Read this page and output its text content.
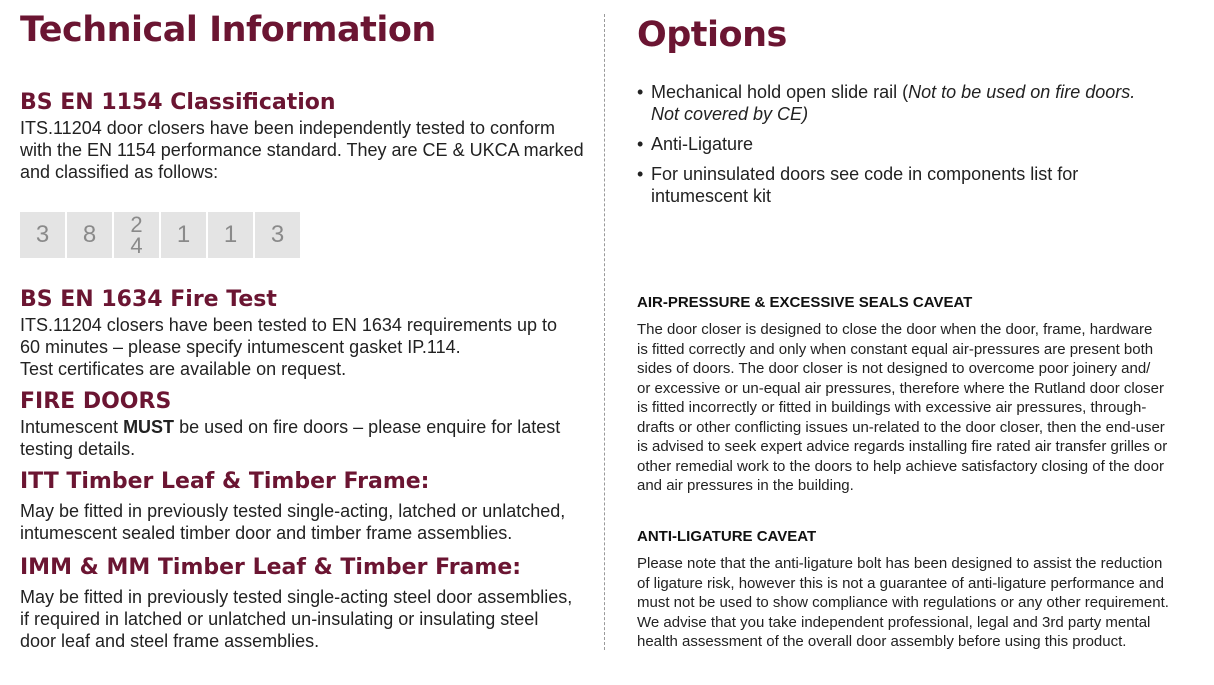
Technical Information
BS EN 1154 Classification

ITS.11204 door closers have been independently tested to conform

with the EN 1154 performance standard. They are CE & UKCA marked

and classified as follows:

3 8 2
4 1 1 3
BS EN 1634 Fire Test

ITS.11204 closers have been tested to EN 1634 requirements up to

60 minutes – please specify intumescent gasket IP.114.

Test certificates are available on request.

FIRE DOORS

Intumescent MUST be used on fire doors – please enquire for latest

testing details.

ITT Timber Leaf & Timber Frame:

May be fitted in previously tested single-acting, latched or unlatched,

intumescent sealed timber door and timber frame assemblies.

IMM & MM Timber Leaf & Timber Frame:

May be fitted in previously tested single-acting steel door assemblies,

if required in latched or unlatched un-insulating or insulating steel

door leaf and steel frame assemblies.

Options
• Mechanical hold open slide rail (Not to be used on fire doors.
Not covered by CE)
• Anti-Ligature
• For uninsulated doors see code in components list for
intumescent kit

AIR-PRESSURE & EXCESSIVE SEALS CAVEAT

The door closer is designed to close the door when the door, frame, hardware

is fitted correctly and only when constant equal air-pressures are present both

sides of doors. The door closer is not designed to overcome poor joinery and/

or excessive or un-equal air pressures, therefore where the Rutland door closer

is fitted incorrectly or fitted in buildings with excessive air pressures, through-

drafts or other conflicting issues un-related to the door closer, then the end-user

is advised to seek expert advice regards installing fire rated air transfer grilles or

other remedial work to the doors to help achieve satisfactory closing of the door

and air pressures in the building.

ANTI-LIGATURE CAVEAT

Please note that the anti-ligature bolt has been designed to assist the reduction

of ligature risk, however this is not a guarantee of anti-ligature performance and

must not be used to show compliance with regulations or any other requirement.

We advise that you take independent professional, legal and 3rd party mental

health assessment of the overall door assembly before using this product.
